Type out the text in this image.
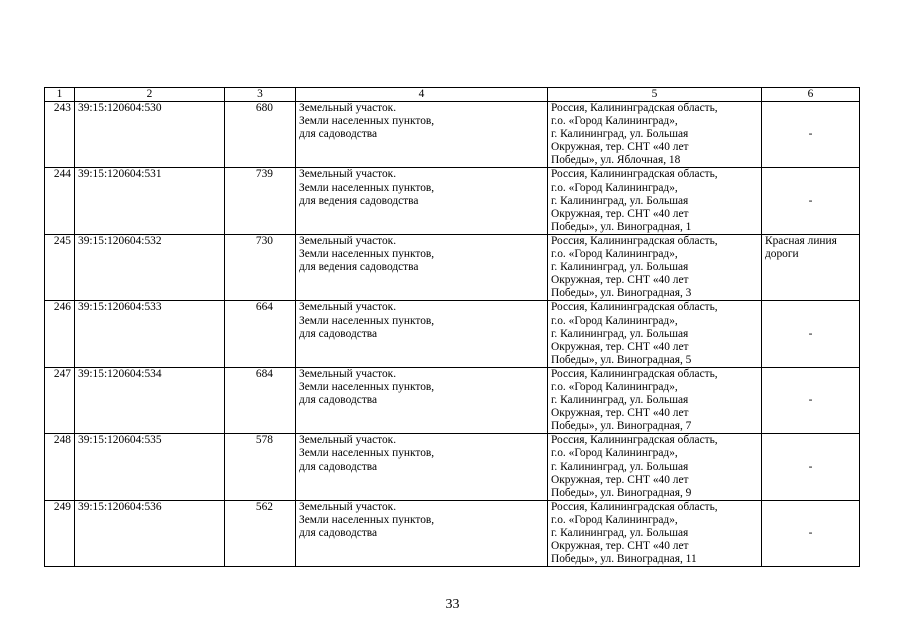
1	2	3	4	5	6
243	39:15:120604:530	680	Земельный участок.
Земли населенных пунктов,
для садоводства	Россия, Калининградская область,
г.о. «Город Калининград»,
г. Калининград, ул. Большая
Окружная, тер. СНТ «40 лет
Победы», ул. Яблочная, 18	-

244	39:15:120604:531	739	Земельный участок.
Земли населенных пунктов,
для ведения садоводства	Россия, Калининградская область,
г.о. «Город Калининград»,
г. Калининград, ул. Большая
Окружная, тер. СНТ «40 лет
Победы», ул. Виноградная, 1	-

245	39:15:120604:532	730	Земельный участок.
Земли населенных пунктов,
для ведения садоводства	Россия, Калининградская область,
г.о. «Город Калининград»,
г. Калининград, ул. Большая
Окружная, тер. СНТ «40 лет
Победы», ул. Виноградная, 3	Красная линия
дороги

246	39:15:120604:533	664	Земельный участок.
Земли населенных пунктов,
для садоводства	Россия, Калининградская область,
г.о. «Город Калининград»,
г. Калининград, ул. Большая
Окружная, тер. СНТ «40 лет
Победы», ул. Виноградная, 5	-

247	39:15:120604:534	684	Земельный участок.
Земли населенных пунктов,
для садоводства	Россия, Калининградская область,
г.о. «Город Калининград»,
г. Калининград, ул. Большая
Окружная, тер. СНТ «40 лет
Победы», ул. Виноградная, 7	-

248	39:15:120604:535	578	Земельный участок.
Земли населенных пунктов,
для садоводства	Россия, Калининградская область,
г.о. «Город Калининград»,
г. Калининград, ул. Большая
Окружная, тер. СНТ «40 лет
Победы», ул. Виноградная, 9	-

249	39:15:120604:536	562	Земельный участок.
Земли населенных пунктов,
для садоводства	Россия, Калининградская область,
г.о. «Город Калининград»,
г. Калининград, ул. Большая
Окружная, тер. СНТ «40 лет
Победы», ул. Виноградная, 11	-
33
